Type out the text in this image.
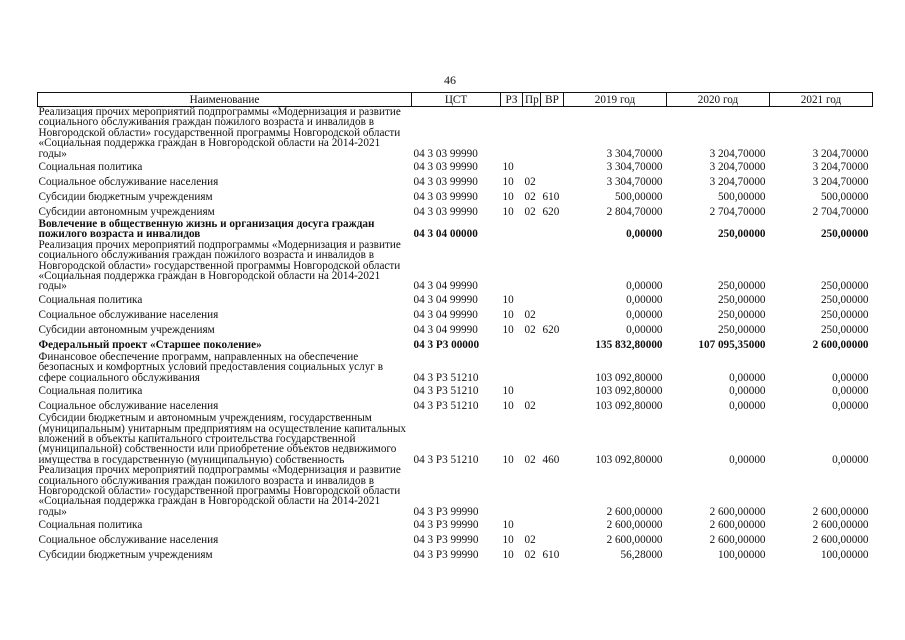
46
Наименование	ЦСТ	РЗ	Пр	ВР	2019 год	2020 год	2021 год
Реализация прочих мероприятий подпрограммы «Модернизация и развитие социального обслуживания граждан пожилого возраста и инвалидов в Новгородской области» государственной программы Новгородской области «Социальная поддержка граждан в Новгородской области на 2014-2021 годы»	04 3 03 99990				3 304,70000	3 204,70000	3 204,70000
Социальная политика	04 3 03 99990	10			3 304,70000	3 204,70000	3 204,70000
Социальное обслуживание населения	04 3 03 99990	10	02		3 304,70000	3 204,70000	3 204,70000
Субсидии бюджетным учреждениям	04 3 03 99990	10	02	610	500,00000	500,00000	500,00000
Субсидии автономным учреждениям	04 3 03 99990	10	02	620	2 804,70000	2 704,70000	2 704,70000
Вовлечение в общественную жизнь и организация досуга граждан пожилого возраста и инвалидов	04 3 04 00000				0,00000	250,00000	250,00000
Реализация прочих мероприятий подпрограммы «Модернизация и развитие социального обслуживания граждан пожилого возраста и инвалидов в Новгородской области» государственной программы Новгородской области «Социальная поддержка граждан в Новгородской области на 2014-2021 годы»	04 3 04 99990				0,00000	250,00000	250,00000
Социальная политика	04 3 04 99990	10			0,00000	250,00000	250,00000
Социальное обслуживание населения	04 3 04 99990	10	02		0,00000	250,00000	250,00000
Субсидии автономным учреждениям	04 3 04 99990	10	02	620	0,00000	250,00000	250,00000
Федеральный проект «Старшее поколение»	04 3 P3 00000				135 832,80000	107 095,35000	2 600,00000
Финансовое обеспечение программ, направленных на обеспечение безопасных и комфортных условий предоставления социальных услуг в сфере социального обслуживания	04 3 P3 51210				103 092,80000	0,00000	0,00000
Социальная политика	04 3 P3 51210	10			103 092,80000	0,00000	0,00000
Социальное обслуживание населения	04 3 P3 51210	10	02		103 092,80000	0,00000	0,00000
Субсидии бюджетным и автономным учреждениям, государственным (муниципальным) унитарным предприятиям на осуществление капитальных вложений в объекты капитального строительства государственной (муниципальной) собственности или приобретение объектов недвижимого имущества в государственную (муниципальную) собственность	04 3 P3 51210	10	02	460	103 092,80000	0,00000	0,00000
Реализация прочих мероприятий подпрограммы «Модернизация и развитие социального обслуживания граждан пожилого возраста и инвалидов в Новгородской области» государственной программы Новгородской области «Социальная поддержка граждан в Новгородской области на 2014-2021 годы»	04 3 P3 99990				2 600,00000	2 600,00000	2 600,00000
Социальная политика	04 3 P3 99990	10			2 600,00000	2 600,00000	2 600,00000
Социальное обслуживание населения	04 3 P3 99990	10	02		2 600,00000	2 600,00000	2 600,00000
Субсидии бюджетным учреждениям	04 3 P3 99990	10	02	610	56,28000	100,00000	100,00000
